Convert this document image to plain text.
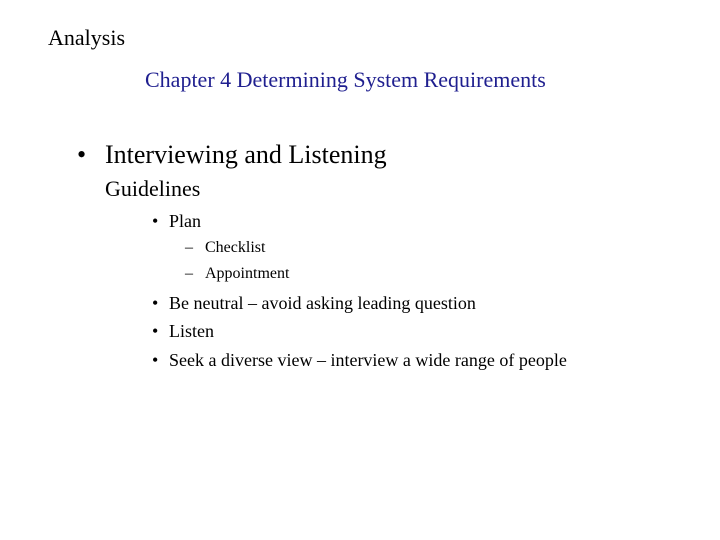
Analysis
Chapter 4 Determining System Requirements
• Interviewing and Listening
Guidelines
• Plan
– Checklist
– Appointment
• Be neutral – avoid asking leading question
• Listen
• Seek a diverse view – interview a wide range of people
